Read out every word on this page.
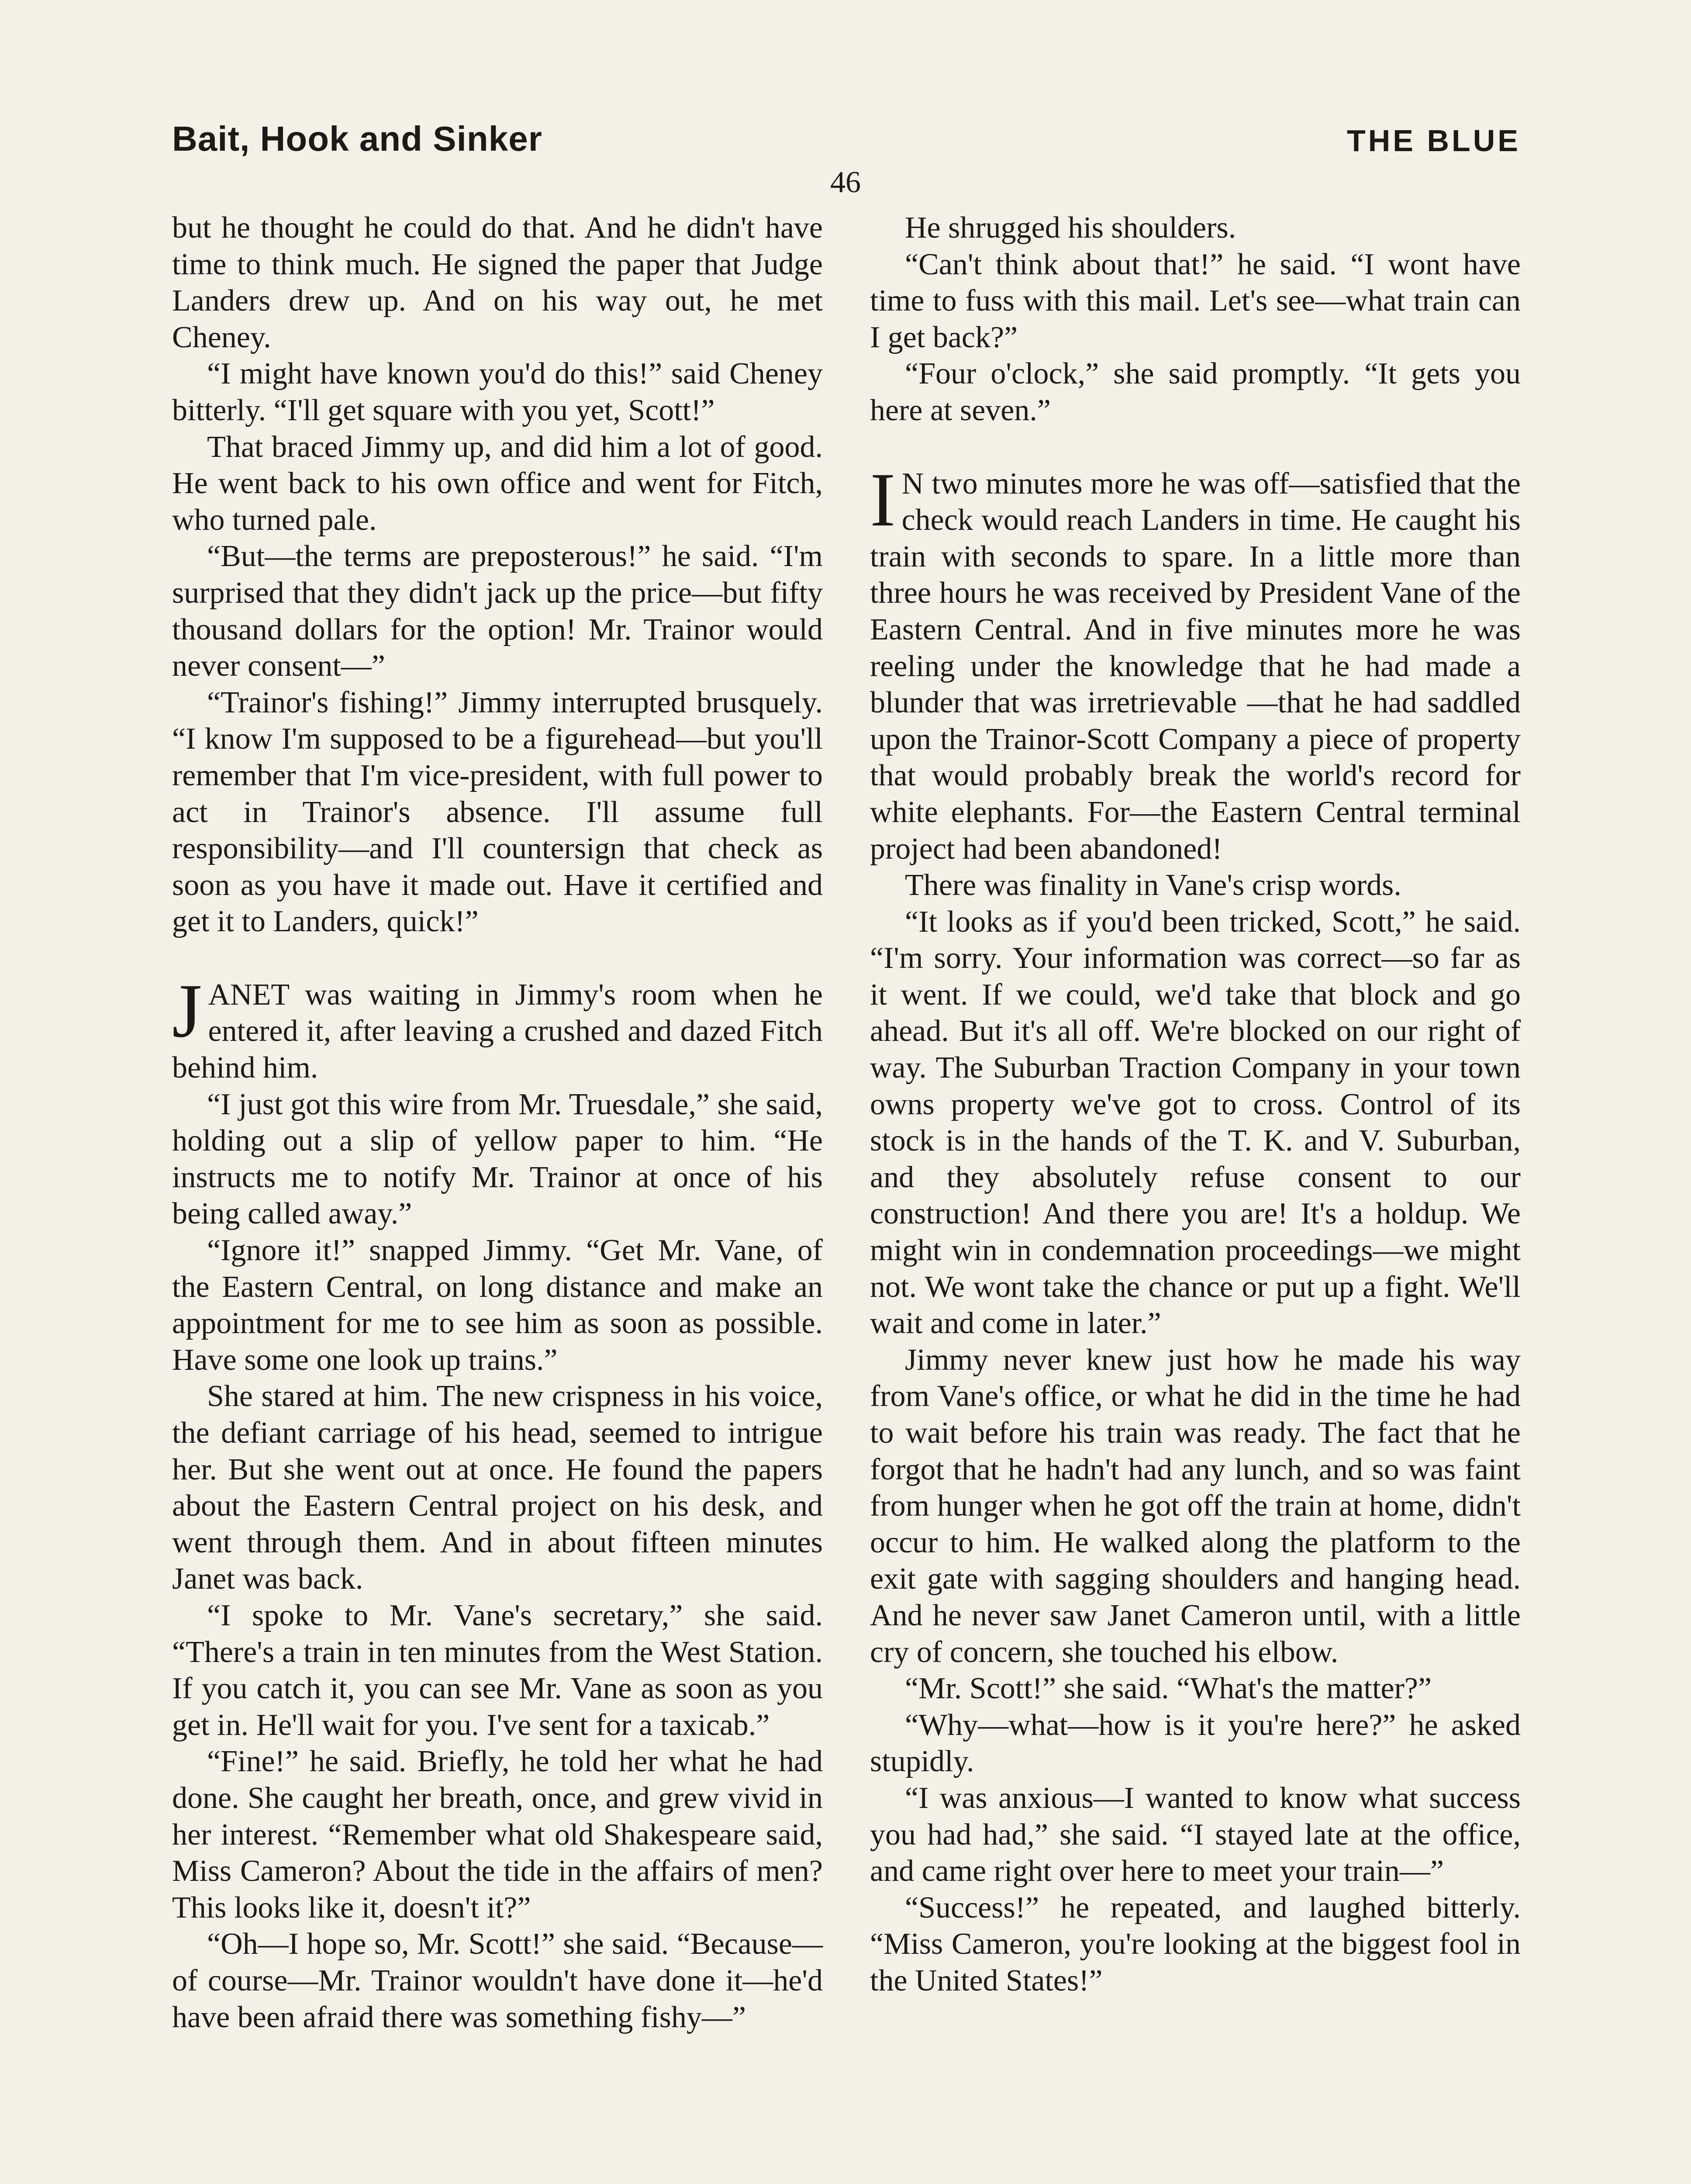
Bait, Hook and Sinker	THE BLUE
46

but he thought he could do that. And he didn't have time to think much. He signed the paper that Judge Landers drew up. And on his way out, he met Cheney.

“I might have known you'd do this!” said Cheney bitterly. “I'll get square with you yet, Scott!”

That braced Jimmy up, and did him a lot of good. He went back to his own office and went for Fitch, who turned pale.

“But—the terms are preposterous!” he said. “I'm surprised that they didn't jack up the price—but fifty thousand dollars for the option! Mr. Trainor would never consent—”

“Trainor's fishing!” Jimmy interrupted brusquely. “I know I'm supposed to be a figurehead—but you'll remember that I'm vice-president, with full power to act in Trainor's absence. I'll assume full responsibility—and I'll countersign that check as soon as you have it made out. Have it certified and get it to Landers, quick!”

JANET was waiting in Jimmy's room when he entered it, after leaving a crushed and dazed Fitch behind him.

“I just got this wire from Mr. Truesdale,” she said, holding out a slip of yellow paper to him. “He instructs me to notify Mr. Trainor at once of his being called away.”

“Ignore it!” snapped Jimmy. “Get Mr. Vane, of the Eastern Central, on long distance and make an appointment for me to see him as soon as possible. Have some one look up trains.”

She stared at him. The new crispness in his voice, the defiant carriage of his head, seemed to intrigue her. But she went out at once. He found the papers about the Eastern Central project on his desk, and went through them. And in about fifteen minutes Janet was back.

“I spoke to Mr. Vane's secretary,” she said. “There's a train in ten minutes from the West Station. If you catch it, you can see Mr. Vane as soon as you get in. He'll wait for you. I've sent for a taxicab.”

“Fine!” he said. Briefly, he told her what he had done. She caught her breath, once, and grew vivid in her interest. “Remember what old Shakespeare said, Miss Cameron? About the tide in the affairs of men? This looks like it, doesn't it?”

“Oh—I hope so, Mr. Scott!” she said. “Because—of course—Mr. Trainor wouldn't have done it—he'd have been afraid there was something fishy—”

He shrugged his shoulders.

“Can't think about that!” he said. “I wont have time to fuss with this mail. Let's see—what train can I get back?”

“Four o'clock,” she said promptly. “It gets you here at seven.”

I N two minutes more he was off—satisfied that the check would reach Landers in time. He caught his train with seconds to spare. In a little more than three hours he was received by President Vane of the Eastern Central. And in five minutes more he was reeling under the knowledge that he had made a blunder that was irretrievable —that he had saddled upon the Trainor-Scott Company a piece of property that would probably break the world's record for white elephants. For—the Eastern Central terminal project had been abandoned!

There was finality in Vane's crisp words.

“It looks as if you'd been tricked, Scott,” he said. “I'm sorry. Your information was correct—so far as it went. If we could, we'd take that block and go ahead. But it's all off. We're blocked on our right of way. The Suburban Traction Company in your town owns property we've got to cross. Control of its stock is in the hands of the T. K. and V. Suburban, and they absolutely refuse consent to our construction! And there you are! It's a holdup. We might win in condemnation proceedings—we might not. We wont take the chance or put up a fight. We'll wait and come in later.”

Jimmy never knew just how he made his way from Vane's office, or what he did in the time he had to wait before his train was ready. The fact that he forgot that he hadn't had any lunch, and so was faint from hunger when he got off the train at home, didn't occur to him. He walked along the platform to the exit gate with sagging shoulders and hanging head. And he never saw Janet Cameron until, with a little cry of concern, she touched his elbow.

“Mr. Scott!” she said. “What's the matter?”

“Why—what—how is it you're here?” he asked stupidly.

“I was anxious—I wanted to know what success you had had,” she said. “I stayed late at the office, and came right over here to meet your train—”

“Success!” he repeated, and laughed bitterly. “Miss Cameron, you're looking at the biggest fool in the United States!”
